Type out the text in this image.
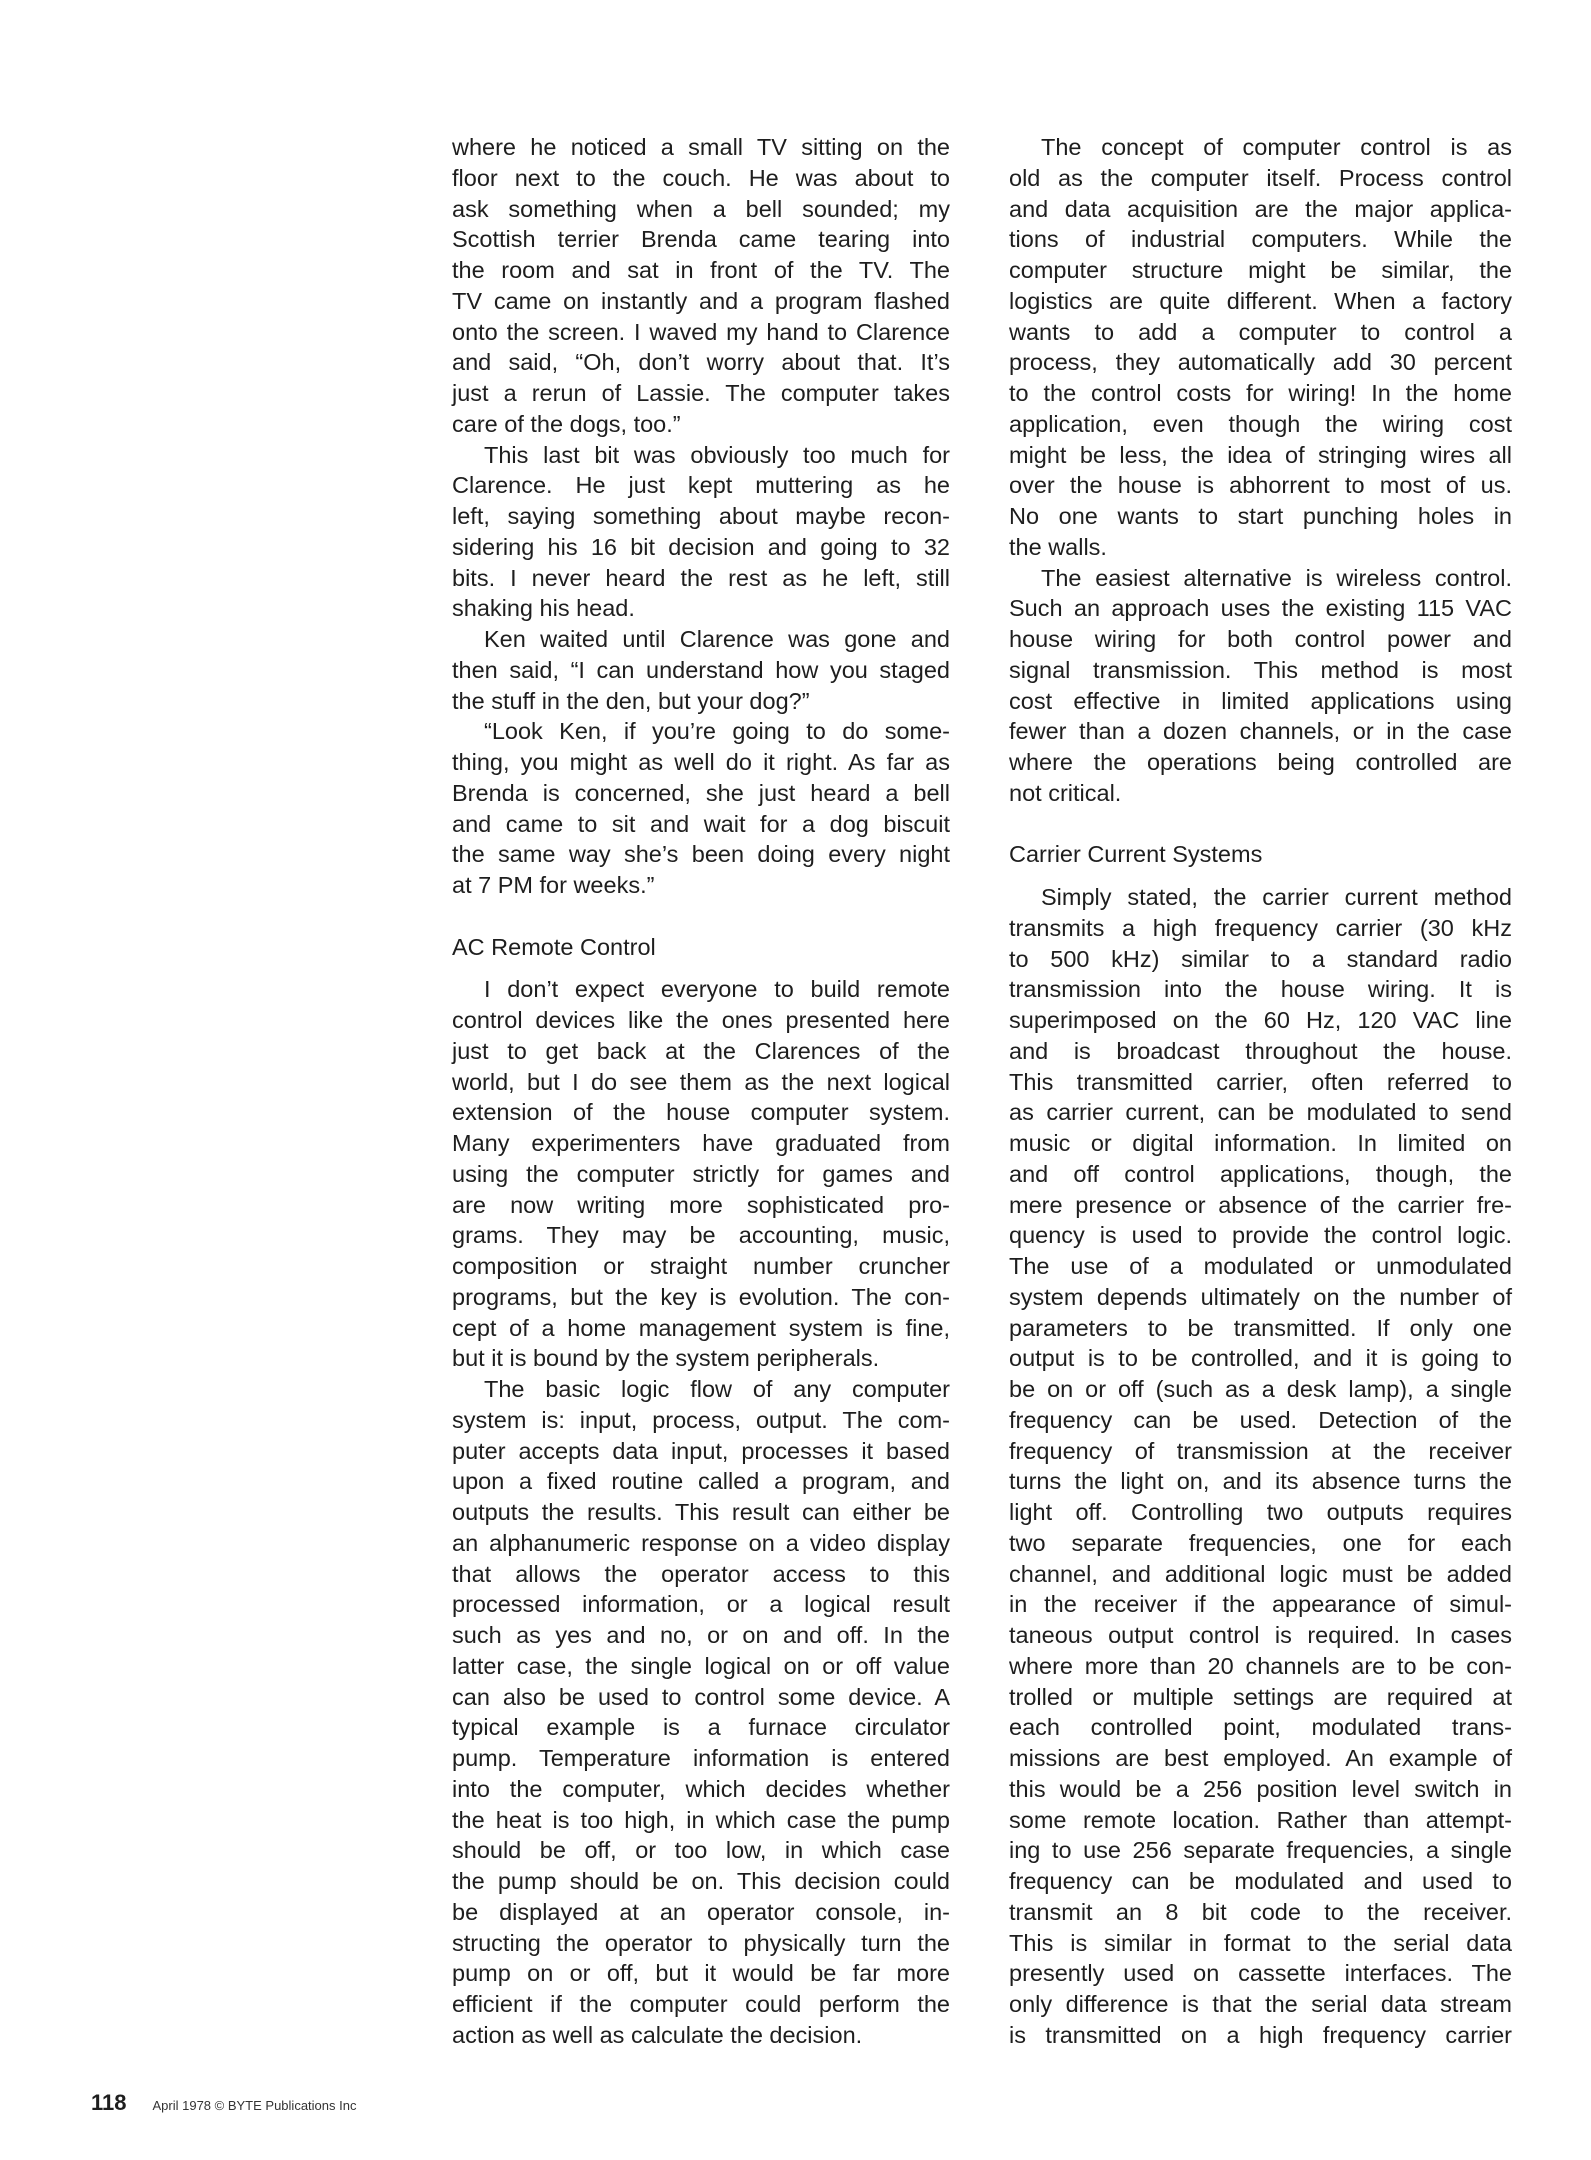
where he noticed a small TV sitting on the
floor next to the couch. He was about to
ask something when a bell sounded; my
Scottish terrier Brenda came tearing into
the room and sat in front of the TV. The
TV came on instantly and a program flashed
onto the screen. I waved my hand to Clarence
and said, “Oh, don’t worry about that. It’s
just a rerun of Lassie. The computer takes
care of the dogs, too.”
This last bit was obviously too much for
Clarence. He just kept muttering as he
left, saying something about maybe recon-
sidering his 16 bit decision and going to 32
bits. I never heard the rest as he left, still
shaking his head.
Ken waited until Clarence was gone and
then said, “I can understand how you staged
the stuff in the den, but your dog?”
“Look Ken, if you’re going to do some-
thing, you might as well do it right. As far as
Brenda is concerned, she just heard a bell
and came to sit and wait for a dog biscuit
the same way she’s been doing every night
at 7 PM for weeks.”
AC Remote Control
I don’t expect everyone to build remote
control devices like the ones presented here
just to get back at the Clarences of the
world, but I do see them as the next logical
extension of the house computer system.
Many experimenters have graduated from
using the computer strictly for games and
are now writing more sophisticated pro-
grams. They may be accounting, music,
composition or straight number cruncher
programs, but the key is evolution. The con-
cept of a home management system is fine,
but it is bound by the system peripherals.
The basic logic flow of any computer
system is: input, process, output. The com-
puter accepts data input, processes it based
upon a fixed routine called a program, and
outputs the results. This result can either be
an alphanumeric response on a video display
that allows the operator access to this
processed information, or a logical result
such as yes and no, or on and off. In the
latter case, the single logical on or off value
can also be used to control some device. A
typical example is a furnace circulator
pump. Temperature information is entered
into the computer, which decides whether
the heat is too high, in which case the pump
should be off, or too low, in which case
the pump should be on. This decision could
be displayed at an operator console, in-
structing the operator to physically turn the
pump on or off, but it would be far more
efficient if the computer could perform the
action as well as calculate the decision.
The concept of computer control is as
old as the computer itself. Process control
and data acquisition are the major applica-
tions of industrial computers. While the
computer structure might be similar, the
logistics are quite different. When a factory
wants to add a computer to control a
process, they automatically add 30 percent
to the control costs for wiring! In the home
application, even though the wiring cost
might be less, the idea of stringing wires all
over the house is abhorrent to most of us.
No one wants to start punching holes in
the walls.
The easiest alternative is wireless control.
Such an approach uses the existing 115 VAC
house wiring for both control power and
signal transmission. This method is most
cost effective in limited applications using
fewer than a dozen channels, or in the case
where the operations being controlled are
not critical.
Carrier Current Systems
Simply stated, the carrier current method
transmits a high frequency carrier (30 kHz
to 500 kHz) similar to a standard radio
transmission into the house wiring. It is
superimposed on the 60 Hz, 120 VAC line
and is broadcast throughout the house.
This transmitted carrier, often referred to
as carrier current, can be modulated to send
music or digital information. In limited on
and off control applications, though, the
mere presence or absence of the carrier fre-
quency is used to provide the control logic.
The use of a modulated or unmodulated
system depends ultimately on the number of
parameters to be transmitted. If only one
output is to be controlled, and it is going to
be on or off (such as a desk lamp), a single
frequency can be used. Detection of the
frequency of transmission at the receiver
turns the light on, and its absence turns the
light off. Controlling two outputs requires
two separate frequencies, one for each
channel, and additional logic must be added
in the receiver if the appearance of simul-
taneous output control is required. In cases
where more than 20 channels are to be con-
trolled or multiple settings are required at
each controlled point, modulated trans-
missions are best employed. An example of
this would be a 256 position level switch in
some remote location. Rather than attempt-
ing to use 256 separate frequencies, a single
frequency can be modulated and used to
transmit an 8 bit code to the receiver.
This is similar in format to the serial data
presently used on cassette interfaces. The
only difference is that the serial data stream
is transmitted on a high frequency carrier
118 April 1978 © BYTE Publications Inc
